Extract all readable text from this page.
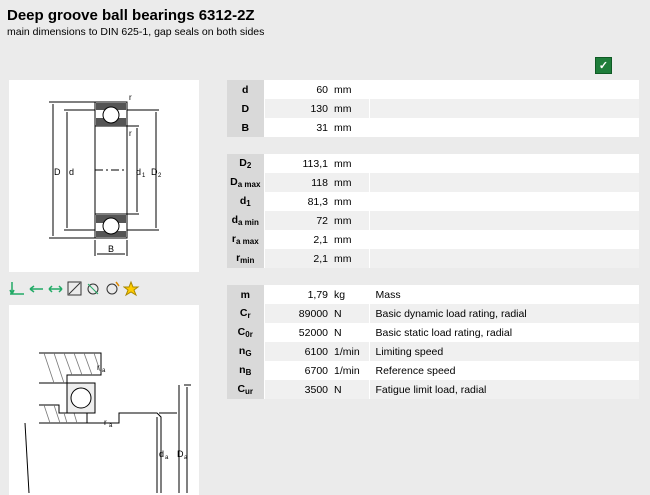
Deep groove ball bearings 6312-2Z
main dimensions to DIN 625-1, gap seals on both sides
✓
D d	d 1 D 2
r
r
B
r a
r a
d a D a
d	60	mm	
D	130	mm	
B	31	mm	
$D_2$	113,1	mm	
$D_{a max}$	118	mm	
$d_1$	81,3	mm	
$d_{a min}$	72	mm	
$r_{a max}$	2,1	mm	
$r_{min}$	2,1	mm	
m	1,79	kg	Mass
$C_r$	89000	N	Basic dynamic load rating, radial
$C_{0r}$	52000	N	Basic static load rating, radial
$n_G$	6100	1/min	Limiting speed
$n_B$	6700	1/min	Reference speed
$C_{ur}$	3500	N	Fatigue limit load, radial
